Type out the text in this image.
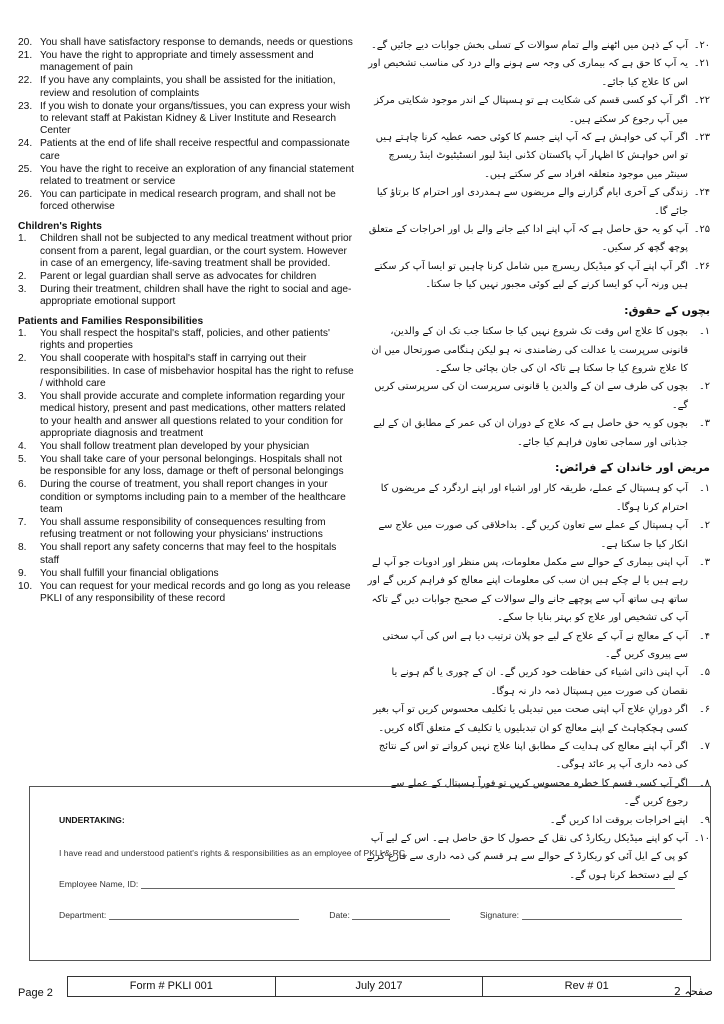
20. You shall have satisfactory response to demands, needs or questions
21. You have the right to appropriate and timely assessment and management of pain
22. If you have any complaints, you shall be assisted for the initiation, review and resolution of complaints
23. If you wish to donate your organs/tissues, you can express your wish to relevant staff at Pakistan Kidney & Liver Institute and Research Center
24. Patients at the end of life shall receive respectful and compassionate care
25. You have the right to receive an exploration of any financial statement related to treatment or service
26. You can participate in medical research program, and shall not be forced otherwise
Children's Rights
1.	Children shall not be subjected to any medical treatment without prior consent from a parent, legal guardian, or the court system. However in case of an emergency, life-saving treatment shall be provided.
2.	Parent or legal guardian shall serve as advocates for children
3.	During their treatment, children shall have the right to social and age-appropriate emotional support
Patients and Families Responsibilities
1.	You shall respect the hospital's staff, policies, and other patients' rights and properties
2.	You shall cooperate with hospital's staff in carrying out their responsibilities. In case of misbehavior hospital has the right to refuse / withhold care
3.	You shall provide accurate and complete information regarding your medical history, present and past medications, other matters related to your health and answer all questions related to your condition for appropriate diagnosis and treatment
4.	You shall follow treatment plan developed by your physician
5.	You shall take care of your personal belongings. Hospitals shall not be responsible for any loss, damage or theft of personal belongings
6.	During the course of treatment, you shall report changes in your condition or symptoms including pain to a member of the healthcare team
7.	You shall assume responsibility of consequences resulting from refusing treatment or not following your physicians' instructions
8.	You shall report any safety concerns that may feel to the hospitals staff
9.	You shall fulfill your financial obligations
10. You can request for your medical records and go long as you release PKLI of any responsibility of these record
۲۰۔
آپ کے ذہن میں اٹھنے والے تمام سوالات کے تسلی بخش جوابات دیے جائیں گے۔
۲۱۔
یہ آپ کا حق ہے کہ بیماری کی وجہ سے ہونے والے درد کی مناسب تشخیص اور اس کا علاج کیا جائے۔
۲۲۔
اگر آپ کو کسی قسم کی شکایت ہے تو ہسپتال کے اندر موجود شکایتی مرکز میں آپ رجوع کر سکتے ہیں۔
۲۳۔
اگر آپ کی خواہش ہے کہ آپ اپنے جسم کا کوئی حصہ عطیہ کرنا چاہتے ہیں تو اس خواہش کا اظہار آپ پاکستان کڈنی اینڈ لیور انسٹیٹیوٹ اینڈ ریسرچ سینٹر میں موجود متعلقہ افراد سے کر سکتے ہیں۔
۲۴۔
زندگی کے آخری ایام گزارنے والے مریضوں سے ہمدردی اور احترام کا برتاؤ کیا جائے گا۔
۲۵۔
آپ کو یہ حق حاصل ہے کہ آپ اپنے ادا کیے جانے والے بل اور اخراجات کے متعلق پوچھ گچھ کر سکیں۔
۲۶۔
اگر آپ اپنے آپ کو میڈیکل ریسرچ میں شامل کرنا چاہیں تو ایسا آپ کر سکتے ہیں ورنہ آپ کو ایسا کرنے کے لیے کوئی مجبور نہیں کیا جا سکتا۔
بچوں کے حقوق:
۱۔
بچوں کا علاج اس وقت تک شروع نہیں کیا جا سکتا جب تک ان کے والدین، قانونی سرپرست یا عدالت کی رضامندی نہ ہو لیکن ہنگامی صورتحال میں ان کا علاج شروع کیا جا سکتا ہے تاکہ ان کی جان بچائی جا سکے۔
۲۔
بچوں کی طرف سے ان کے والدین یا قانونی سرپرست ان کی سرپرستی کریں گے۔
۳۔
بچوں کو یہ حق حاصل ہے کہ علاج کے دوران ان کی عمر کے مطابق ان کے لیے جذباتی اور سماجی تعاون فراہم کیا جائے۔
مریض اور خاندان کے فرائض:
۱۔
آپ کو ہسپتال کے عملے، طریقہ کار اور اشیاء اور اپنے اردگرد کے مریضوں کا احترام کرنا ہوگا۔
۲۔
آپ ہسپتال کے عملے سے تعاون کریں گے۔ بداخلاقی کی صورت میں علاج سے انکار کیا جا سکتا ہے۔
۳۔
آپ اپنی بیماری کے حوالے سے مکمل معلومات، پس منظر اور ادویات جو آپ لے رہے ہیں یا لے چکے ہیں ان سب کی معلومات اپنے معالج کو فراہم کریں گے اور ساتھ ہی ساتھ آپ سے پوچھے جانے والے سوالات کے صحیح جوابات دیں گے تاکہ آپ کی تشخیص اور علاج کو بہتر بنایا جا سکے۔
۴۔
آپ کے معالج نے آپ کے علاج کے لیے جو پلان ترتیب دیا ہے اس کی آپ سختی سے پیروی کریں گے۔
۵۔
آپ اپنی ذاتی اشیاء کی حفاظت خود کریں گے۔ ان کے چوری یا گم ہونے یا نقصان کی صورت میں ہسپتال ذمہ دار نہ ہوگا۔
۶۔
اگر دورانِ علاج آپ اپنی صحت میں تبدیلی یا تکلیف محسوس کریں تو آپ بغیر کسی ہچکچاہٹ کے اپنے معالج کو ان تبدیلیوں یا تکلیف کے متعلق آگاہ کریں۔
۷۔
اگر آپ اپنے معالج کی ہدایت کے مطابق اپنا علاج نہیں کرواتے تو اس کے نتائج کی ذمہ داری آپ پر عائد ہوگی۔
۸۔
اگر آپ کسی قسم کا خطرہ محسوس کریں تو فوراً ہسپتال کے عملے سے رجوع کریں گے۔
۹۔
اپنے اخراجات بروقت ادا کریں گے۔
۱۰۔
آپ کو اپنے میڈیکل ریکارڈ کی نقل کے حصول کا حق حاصل ہے۔ اس کے لیے آپ کو پی کے ایل آئی کو ریکارڈ کے حوالے سے ہر قسم کی ذمہ داری سے فارغ کرنے کے لیے دستخط کرنا ہوں گے۔
UNDERTAKING:
I have read and understood patient's rights & responsibilities as an employee of PKLI & RC.
Employee Name, ID:
Department:	Date:	Signature:
Page 2
Form # PKLI 001	July 2017	Rev # 01	صفحہ 2
